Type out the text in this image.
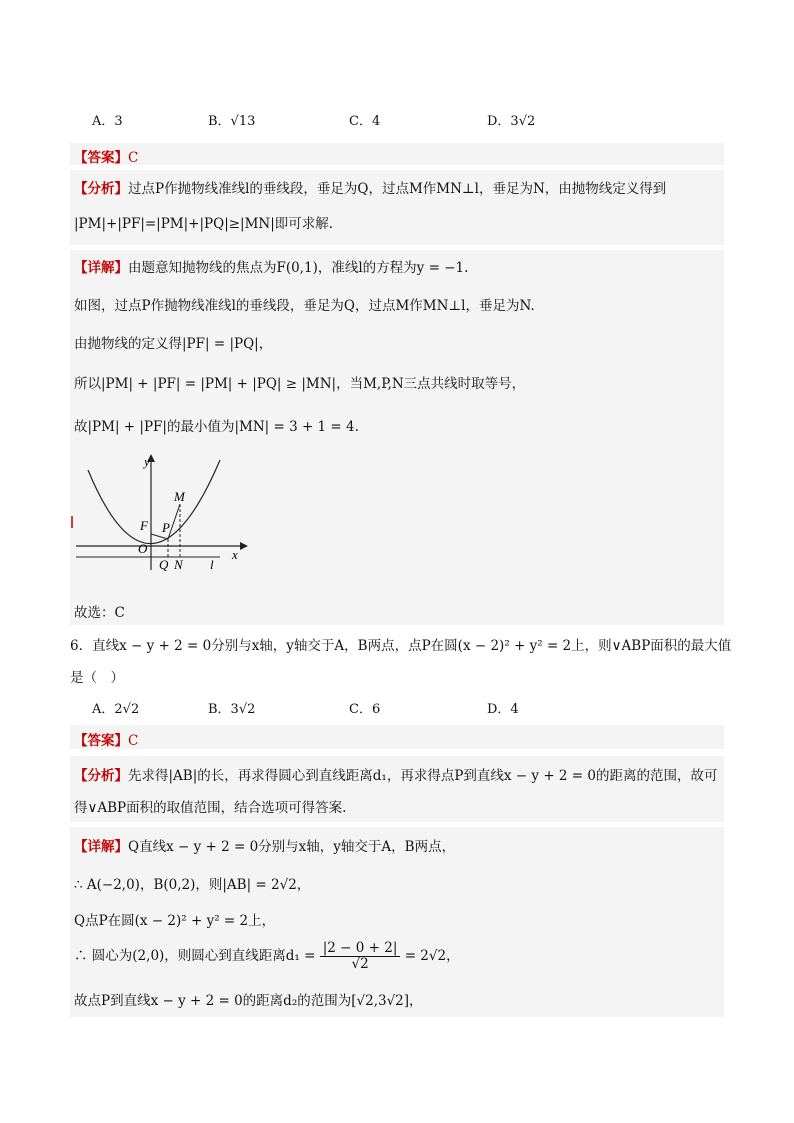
A．3	B．√13	C．4	D．3√2
【答案】C
【分析】过点P作抛物线准线l的垂线段，垂足为Q，过点M作MN⊥l，垂足为N，由抛物线定义得到
|PM|+|PF|=|PM|+|PQ|≥|MN|即可求解.
【详解】由题意知抛物线的焦点为F(0,1)，准线l的方程为y = −1.
如图，过点P作抛物线准线l的垂线段，垂足为Q，过点M作MN⊥l，垂足为N.
由抛物线的定义得|PF| = |PQ|，
所以|PM| + |PF| = |PM| + |PQ| ≥ |MN|，当M,P,N三点共线时取等号，
故|PM| + |PF|的最小值为|MN| = 3 + 1 = 4.
y
x
M
F P
O
Q N l
故选：C
6．直线x − y + 2 = 0分别与x轴，y轴交于A，B两点，点P在圆(x − 2)² + y² = 2上，则∨ABP面积的最大值
是（　）
A．2√2	B．3√2	C．6	D．4
【答案】C
【分析】先求得|AB|的长，再求得圆心到直线距离d₁，再求得点P到直线x − y + 2 = 0的距离的范围，故可
得∨ABP面积的取值范围，结合选项可得答案.
【详解】Q直线x − y + 2 = 0分别与x轴，y轴交于A，B两点，
∴ A(−2,0)，B(0,2)，则|AB| = 2√2，
Q点P在圆(x − 2)² + y² = 2上，
∴ 圆心为(2,0)，则圆心到直线距离$d_1 = \frac{|2 - 0 + 2|}{√2} = 2√2$，
故点P到直线x − y + 2 = 0的距离d₂的范围为[√2,3√2]，
